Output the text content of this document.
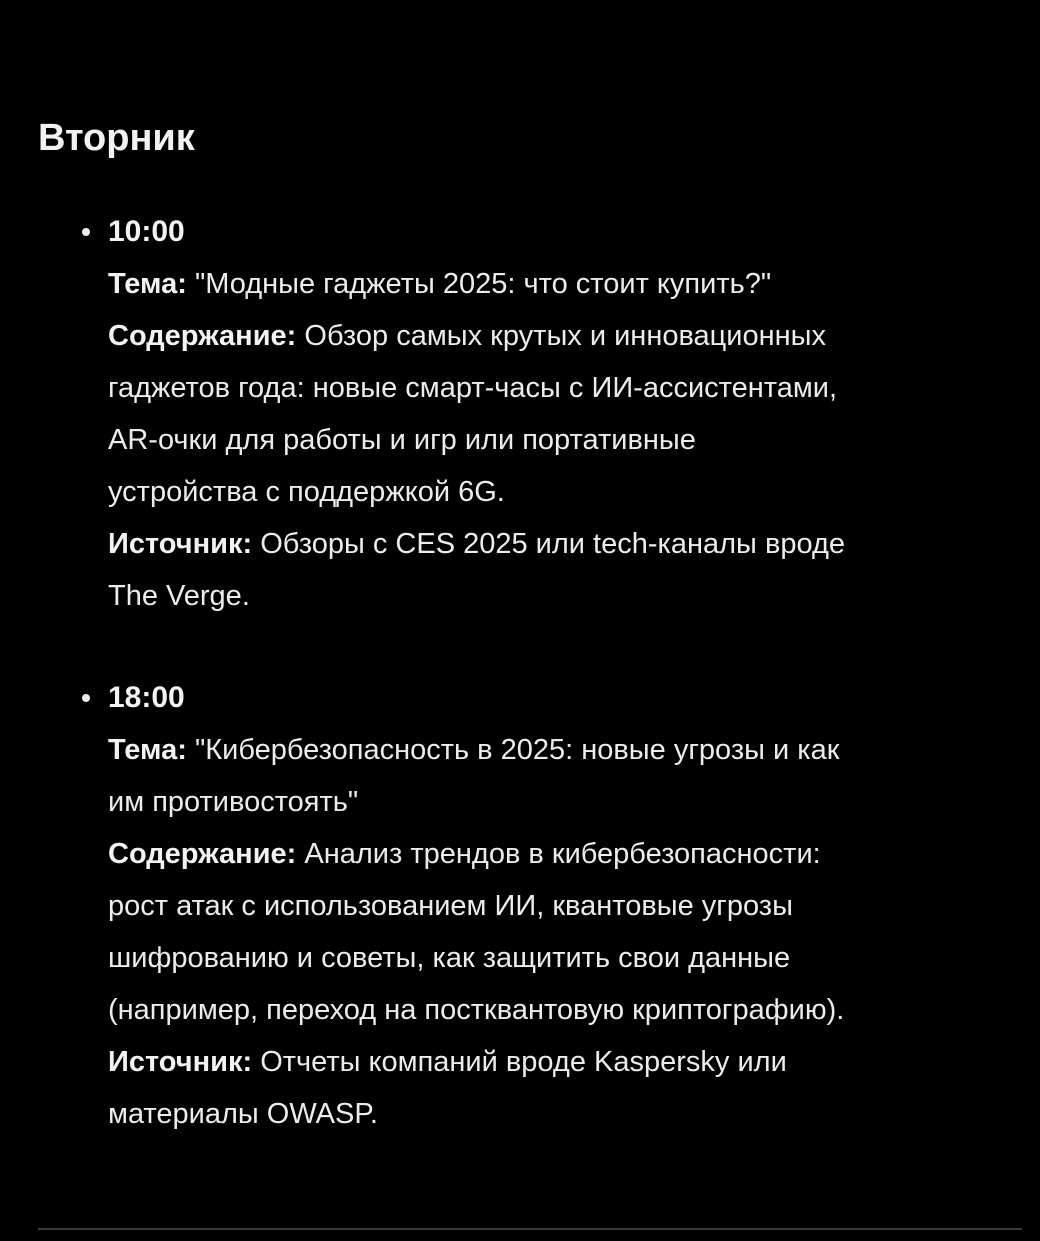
Вторник
10:00
Тема: "Модные гаджеты 2025: что стоит купить?"
Содержание: Обзор самых крутых и инновационных
гаджетов года: новые смарт-часы с ИИ-ассистентами,
AR-очки для работы и игр или портативные
устройства с поддержкой 6G.
Источник: Обзоры с CES 2025 или tech-каналы вроде
The Verge.
18:00
Тема: "Кибербезопасность в 2025: новые угрозы и как
им противостоять"
Содержание: Анализ трендов в кибербезопасности:
рост атак с использованием ИИ, квантовые угрозы
шифрованию и советы, как защитить свои данные
(например, переход на постквантовую криптографию).
Источник: Отчеты компаний вроде Kaspersky или
материалы OWASP.
